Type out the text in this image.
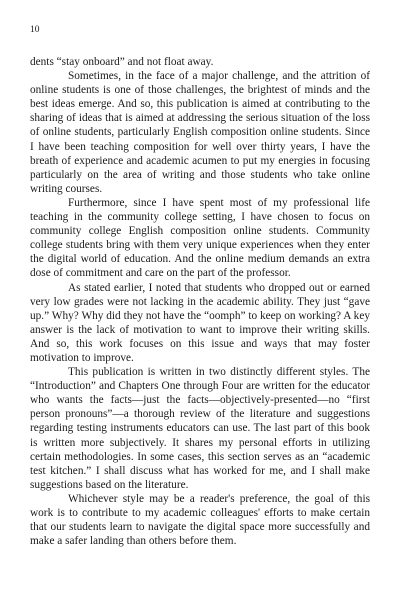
10

dents “stay onboard” and not float away.

Sometimes, in the face of a major challenge, and the attrition of online students is one of those challenges, the brightest of minds and the best ideas emerge. And so, this publication is aimed at contributing to the sharing of ideas that is aimed at addressing the serious situation of the loss of online students, particularly English composition online students. Since I have been teaching composition for well over thirty years, I have the breath of experience and academic acumen to put my energies in focusing particularly on the area of writing and those students who take online writing courses.

Furthermore, since I have spent most of my professional life teaching in the community college setting, I have chosen to focus on community college English composition online students. Community college students bring with them very unique experiences when they enter the digital world of education. And the online medium demands an extra dose of commitment and care on the part of the professor.

As stated earlier, I noted that students who dropped out or earned very low grades were not lacking in the academic ability. They just “gave up.” Why? Why did they not have the “oomph” to keep on working? A key answer is the lack of motivation to want to improve their writing skills. And so, this work focuses on this issue and ways that may foster motivation to improve.

This publication is written in two distinctly different styles. The “Introduction” and Chapters One through Four are written for the educator who wants the facts—just the facts—objectively-presented—no “first person pronouns”—a thorough review of the literature and suggestions regarding testing instruments educators can use. The last part of this book is written more subjectively. It shares my personal efforts in utilizing certain methodologies. In some cases, this section serves as an “academic test kitchen.” I shall discuss what has worked for me, and I shall make suggestions based on the literature.

Whichever style may be a reader's preference, the goal of this work is to contribute to my academic colleagues' efforts to make certain that our students learn to navigate the digital space more successfully and make a safer landing than others before them.
